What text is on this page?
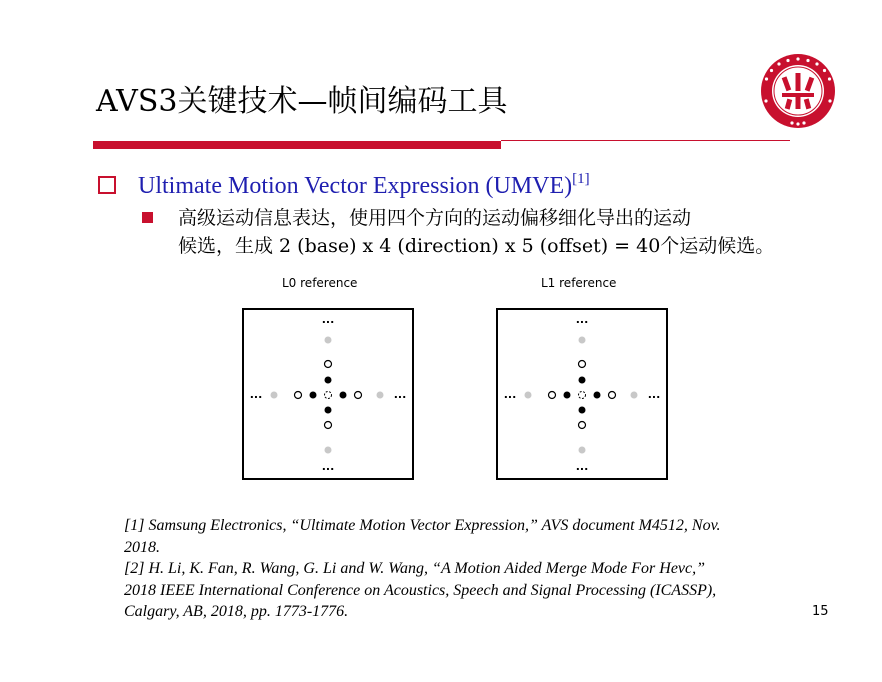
AVS3关键技术—帧间编码工具
Ultimate Motion Vector Expression (UMVE)[1]
高级运动信息表达，使用四个方向的运动偏移细化导出的运动
候选，生成 2 (base) x 4 (direction) x 5 (offset) = 40个运动候选。
L0 reference	L1 reference
...
...
...	...
...
...
...	...
[1] Samsung Electronics, “Ultimate Motion Vector Expression,” AVS document M4512, Nov.
2018.
[2] H. Li, K. Fan, R. Wang, G. Li and W. Wang, “A Motion Aided Merge Mode For Hevc,”
2018 IEEE International Conference on Acoustics, Speech and Signal Processing (ICASSP),
Calgary, AB, 2018, pp. 1773-1776.	15
